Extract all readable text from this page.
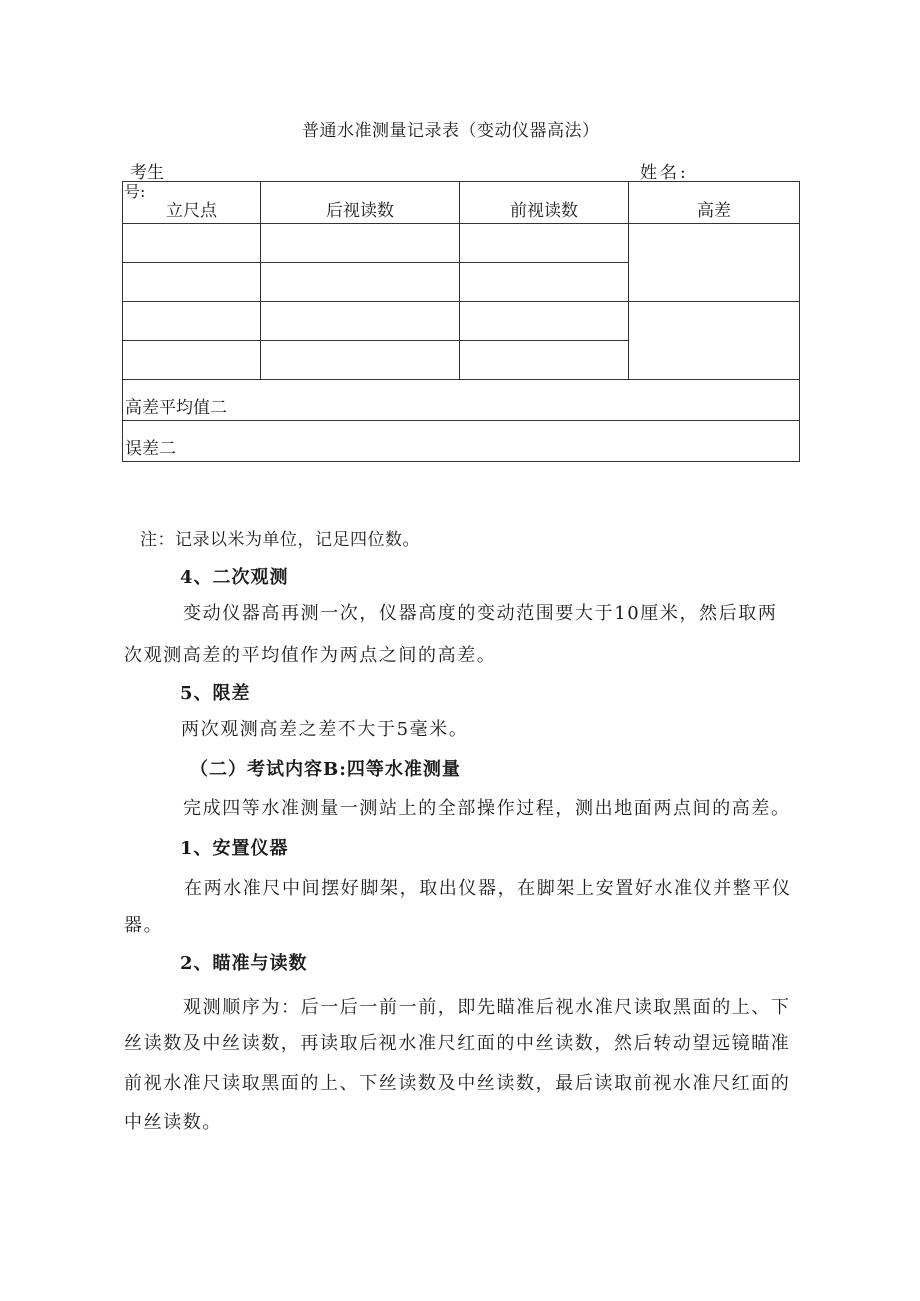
普通水准测量记录表（变动仪器高法）
考生	姓名:
立尺点	后视读数	前视读数	高差

高差平均值二			
误差二			
号:
注：记录以米为单位，记足四位数。
4、二次观测
变动仪器高再测一次，仪器高度的变动范围要大于10厘米，然后取两
次观测高差的平均值作为两点之间的高差。
5、限差
两次观测高差之差不大于5毫米。
（二）考试内容B:四等水准测量
完成四等水准测量一测站上的全部操作过程，测出地面两点间的高差。
1、安置仪器
在两水准尺中间摆好脚架，取出仪器，在脚架上安置好水准仪并整平仪
器。
2、瞄准与读数
观测顺序为：后一后一前一前，即先瞄准后视水准尺读取黑面的上、下
丝读数及中丝读数，再读取后视水准尺红面的中丝读数，然后转动望远镜瞄准
前视水准尺读取黑面的上、下丝读数及中丝读数，最后读取前视水准尺红面的
中丝读数。
